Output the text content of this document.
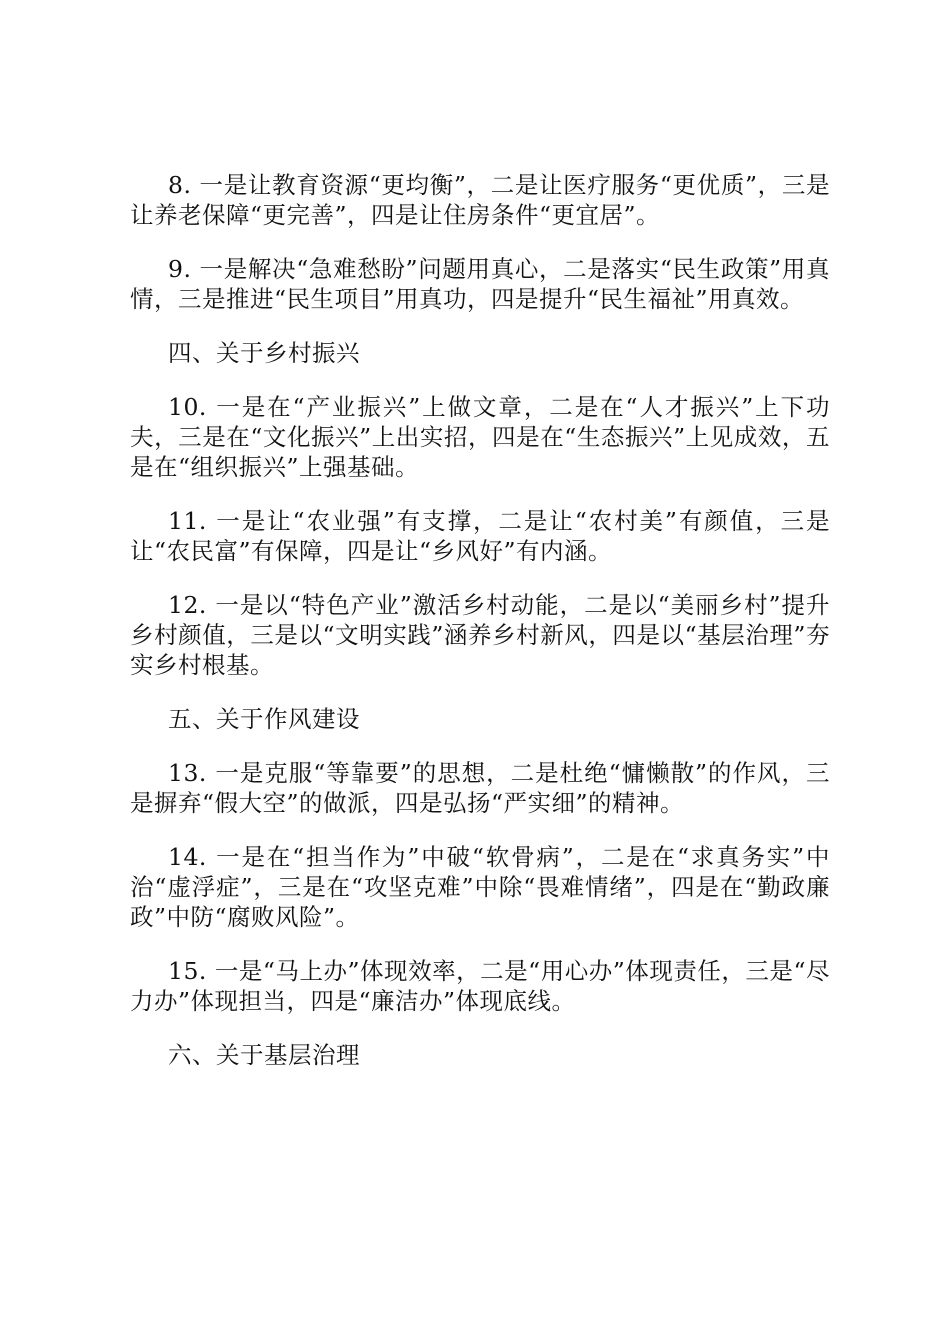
8. 一是让教育资源“更均衡”，二是让医疗服务“更优质”，三是让养老保障“更完善”，四是让住房条件“更宜居”。

9. 一是解决“急难愁盼”问题用真心，二是落实“民生政策”用真情，三是推进“民生项目”用真功，四是提升“民生福祉”用真效。

四、关于乡村振兴

10. 一是在“产业振兴”上做文章，二是在“人才振兴”上下功夫，三是在“文化振兴”上出实招，四是在“生态振兴”上见成效，五是在“组织振兴”上强基础。

11. 一是让“农业强”有支撑，二是让“农村美”有颜值，三是让“农民富”有保障，四是让“乡风好”有内涵。

12. 一是以“特色产业”激活乡村动能，二是以“美丽乡村”提升乡村颜值，三是以“文明实践”涵养乡村新风，四是以“基层治理”夯实乡村根基。

五、关于作风建设

13. 一是克服“等靠要”的思想，二是杜绝“慵懒散”的作风，三是摒弃“假大空”的做派，四是弘扬“严实细”的精神。

14. 一是在“担当作为”中破“软骨病”，二是在“求真务实”中治“虚浮症”，三是在“攻坚克难”中除“畏难情绪”，四是在“勤政廉政”中防“腐败风险”。

15. 一是“马上办”体现效率，二是“用心办”体现责任，三是“尽力办”体现担当，四是“廉洁办”体现底线。

六、关于基层治理
